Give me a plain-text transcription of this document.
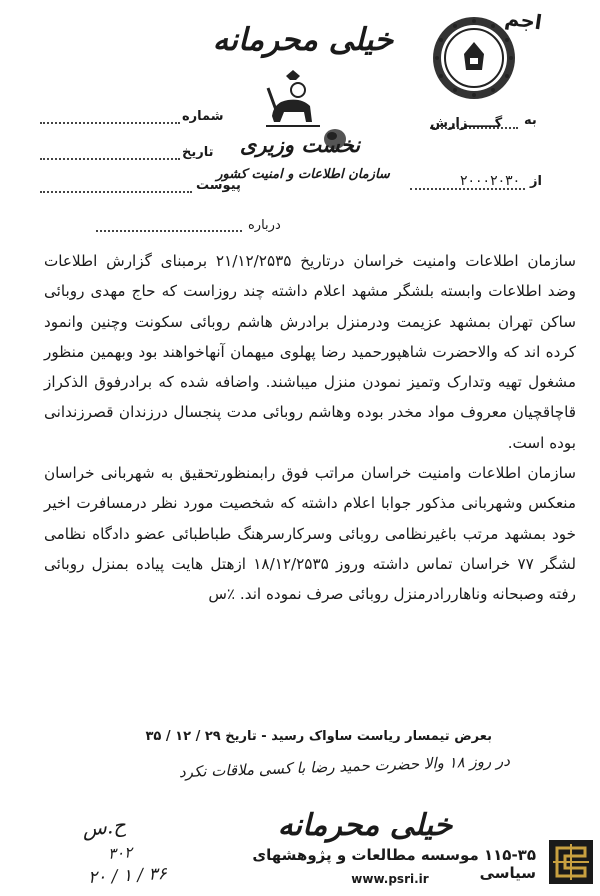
اجم
خیلی محرمانه
نخست وزیری
سازمان اطلاعات و امنیت کشور
شماره
تاریخ
پیوست
به
گــــــزارش
از
۲۰۰۰۲۰۳۰
درباره

سازمان اطلاعات وامنیت خراسان درتاریخ ۲۱/۱۲/۲۵۳۵ برمبنای گزارش اطلاعات وضد اطلاعات وابسته بلشگر مشهد اعلام داشته چند روزاست که حاج مهدی روبائی ساکن تهران بمشهد عزیمت ودرمنزل برادرش هاشم روبائی سکونت وچنین وانمود کرده اند که والاحضرت شاهپورحمید رضا پهلوی میهمان آنهاخواهند بود وبهمین منظور مشغول تهیه وتدارک وتمیز نمودن منزل میباشند. واضافه شده که برادرفوق الذکراز قاچاقچیان معروف مواد مخدر بوده وهاشم روبائی مدت پنجسال درزندان قصرزندانی بوده است.

سازمان اطلاعات وامنیت خراسان مراتب فوق رابمنظورتحقیق به شهربانی خراسان منعکس وشهربانی مذکور جوابا اعلام داشته که شخصیت مورد نظر درمسافرت اخیر خود بمشهد مرتب باغیرنظامی روبائی وسرکارسرهنگ طباطبائی عضو دادگاه نظامی لشگر ۷۷ خراسان تماس داشته وروز ۱۸/۱۲/۲۵۳۵ ازهتل هایت پیاده بمنزل روبائی رفته وصبحانه وناهاررادرمنزل روبائی صرف نموده اند. ٪س

بعرض تیمسار ریاست ساواک رسید - تاریخ ۲۹ / ۱۲ / ۳۵
در روز ۱۸ والا حضرت حمید رضا با کسی ملاقات نکرد
ح.س
۳۰۲
۲۰ / ۱ / ۳۶
خیلی محرمانه
۱۱۵-۳۵ موسسه مطالعات و پژوهشهای سیاسی
www.psri.ir
